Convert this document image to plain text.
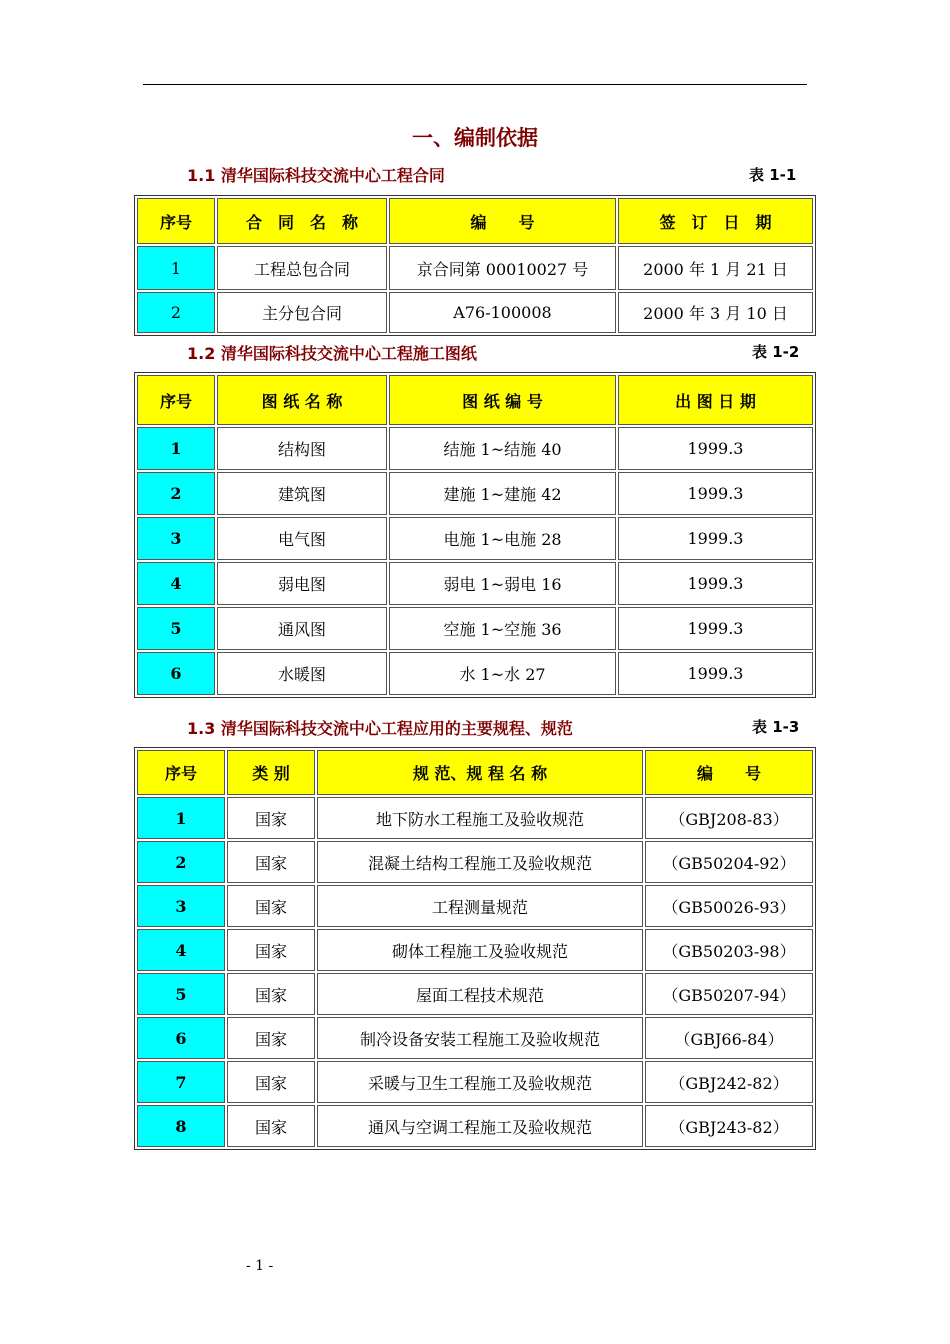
一、编制依据
1.1 清华国际科技交流中心工程合同	表 1-1
序号	合　同　名　称	编　　号	签　订　日　期
1	工程总包合同	京合同第 00010027 号	2000 年 1 月 21 日
2	主分包合同	A76-100008	2000 年 3 月 10 日
1.2 清华国际科技交流中心工程施工图纸	表 1-2
序号	图 纸 名 称	图 纸 编 号	出 图 日 期
1	结构图	结施 1~结施 40	1999.3
2	建筑图	建施 1~建施 42	1999.3
3	电气图	电施 1~电施 28	1999.3
4	弱电图	弱电 1~弱电 16	1999.3
5	通风图	空施 1~空施 36	1999.3
6	水暖图	水 1~水 27	1999.3
1.3 清华国际科技交流中心工程应用的主要规程、规范	表 1-3
序号	类 别	规 范、规 程 名 称	编　　号
1	国家	地下防水工程施工及验收规范	（GBJ208-83）
2	国家	混凝土结构工程施工及验收规范	（GB50204-92）
3	国家	工程测量规范	（GB50026-93）
4	国家	砌体工程施工及验收规范	（GB50203-98）
5	国家	屋面工程技术规范	（GB50207-94）
6	国家	制冷设备安装工程施工及验收规范	（GBJ66-84）
7	国家	采暖与卫生工程施工及验收规范	（GBJ242-82）
8	国家	通风与空调工程施工及验收规范	（GBJ243-82）
- 1 -
